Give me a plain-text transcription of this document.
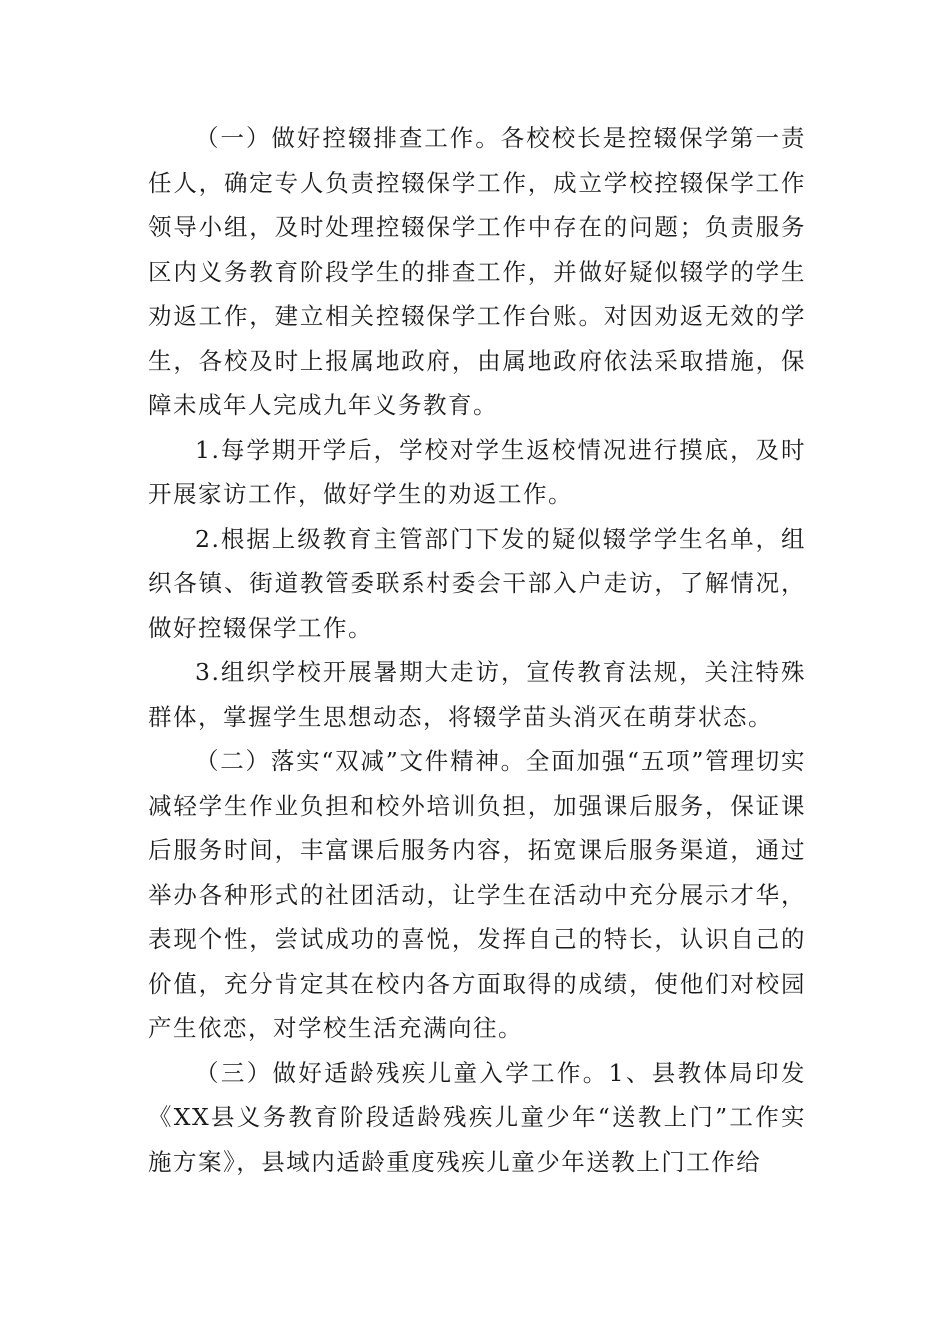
（一）做好控辍排查工作。各校校长是控辍保学第一责任人，确定专人负责控辍保学工作，成立学校控辍保学工作领导小组，及时处理控辍保学工作中存在的问题；负责服务区内义务教育阶段学生的排查工作，并做好疑似辍学的学生劝返工作，建立相关控辍保学工作台账。对因劝返无效的学生，各校及时上报属地政府，由属地政府依法采取措施，保障未成年人完成九年义务教育。

1.每学期开学后，学校对学生返校情况进行摸底，及时开展家访工作，做好学生的劝返工作。

2.根据上级教育主管部门下发的疑似辍学学生名单，组织各镇、街道教管委联系村委会干部入户走访，了解情况，做好控辍保学工作。

3.组织学校开展暑期大走访，宣传教育法规，关注特殊群体，掌握学生思想动态，将辍学苗头消灭在萌芽状态。

（二）落实“双减”文件精神。全面加强“五项”管理切实减轻学生作业负担和校外培训负担，加强课后服务，保证课后服务时间，丰富课后服务内容，拓宽课后服务渠道，通过举办各种形式的社团活动，让学生在活动中充分展示才华，表现个性，尝试成功的喜悦，发挥自己的特长，认识自己的价值，充分肯定其在校内各方面取得的成绩，使他们对校园产生依恋，对学校生活充满向往。

（三）做好适龄残疾儿童入学工作。1、县教体局印发《XX县义务教育阶段适龄残疾儿童少年“送教上门”工作实施方案》，县域内适龄重度残疾儿童少年送教上门工作给
